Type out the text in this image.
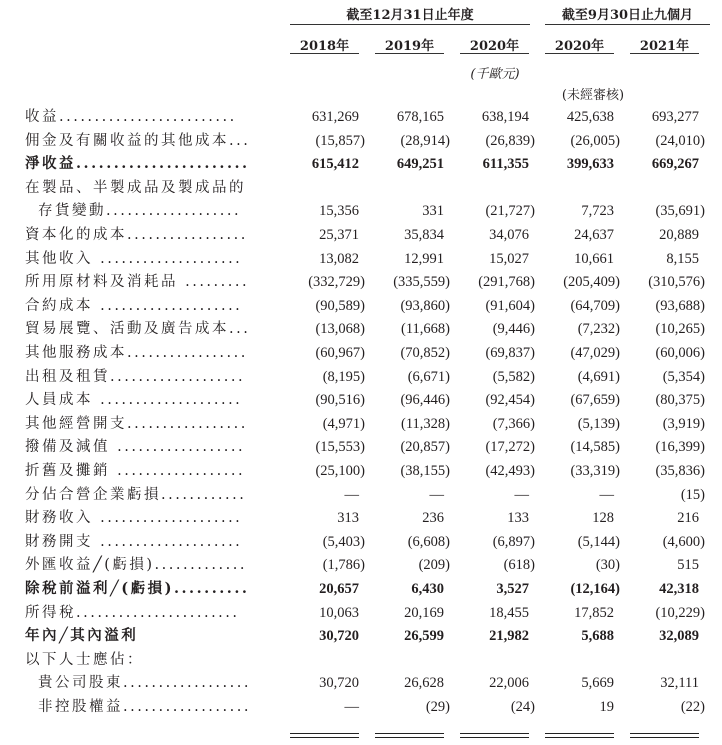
截至12月31日止年度	截至9月30日止九個月
2018年	2019年	2020年	2020年	2021年
(千歐元)
(未經審核)
收益.........................	631,269	678,165	638,194	425,638	693,277
佣金及有關收益的其他成本...	(15,857)	(28,914)	(26,839)	(26,005)	(24,010)
淨收益.......................	615,412	649,251	611,355	399,633	669,267
在製品、半製成品及製成品的
存貨變動...................	15,356	331	(21,727)	7,723	(35,691)
資本化的成本.................	25,371	35,834	34,076	24,637	20,889
其他收入 ....................	13,082	12,991	15,027	10,661	8,155
所用原材料及消耗品 .........	(332,729)	(335,559)	(291,768)	(205,409)	(310,576)
合約成本 ....................	(90,589)	(93,860)	(91,604)	(64,709)	(93,688)
貿易展覽、活動及廣告成本...	(13,068)	(11,668)	(9,446)	(7,232)	(10,265)
其他服務成本.................	(60,967)	(70,852)	(69,837)	(47,029)	(60,006)
出租及租賃...................	(8,195)	(6,671)	(5,582)	(4,691)	(5,354)
人員成本 ....................	(90,516)	(96,446)	(92,454)	(67,659)	(80,375)
其他經營開支.................	(4,971)	(11,328)	(7,366)	(5,139)	(3,919)
撥備及減值 ..................	(15,553)	(20,857)	(17,272)	(14,585)	(16,399)
折舊及攤銷 ..................	(25,100)	(38,155)	(42,493)	(33,319)	(35,836)
分佔合營企業虧損............	—	—	—	—	(15)
財務收入 ....................	313	236	133	128	216
財務開支 ....................	(5,403)	(6,608)	(6,897)	(5,144)	(4,600)
外匯收益╱(虧損).............	(1,786)	(209)	(618)	(30)	515
除稅前溢利╱(虧損)..........	20,657	6,430	3,527	(12,164)	42,318
所得稅.......................	10,063	20,169	18,455	17,852	(10,229)
年內╱其內溢利	30,720	26,599	21,982	5,688	32,089
以下人士應佔：
貴公司股東..................	30,720	26,628	22,006	5,669	32,111
非控股權益..................	—	(29)	(24)	19	(22)
